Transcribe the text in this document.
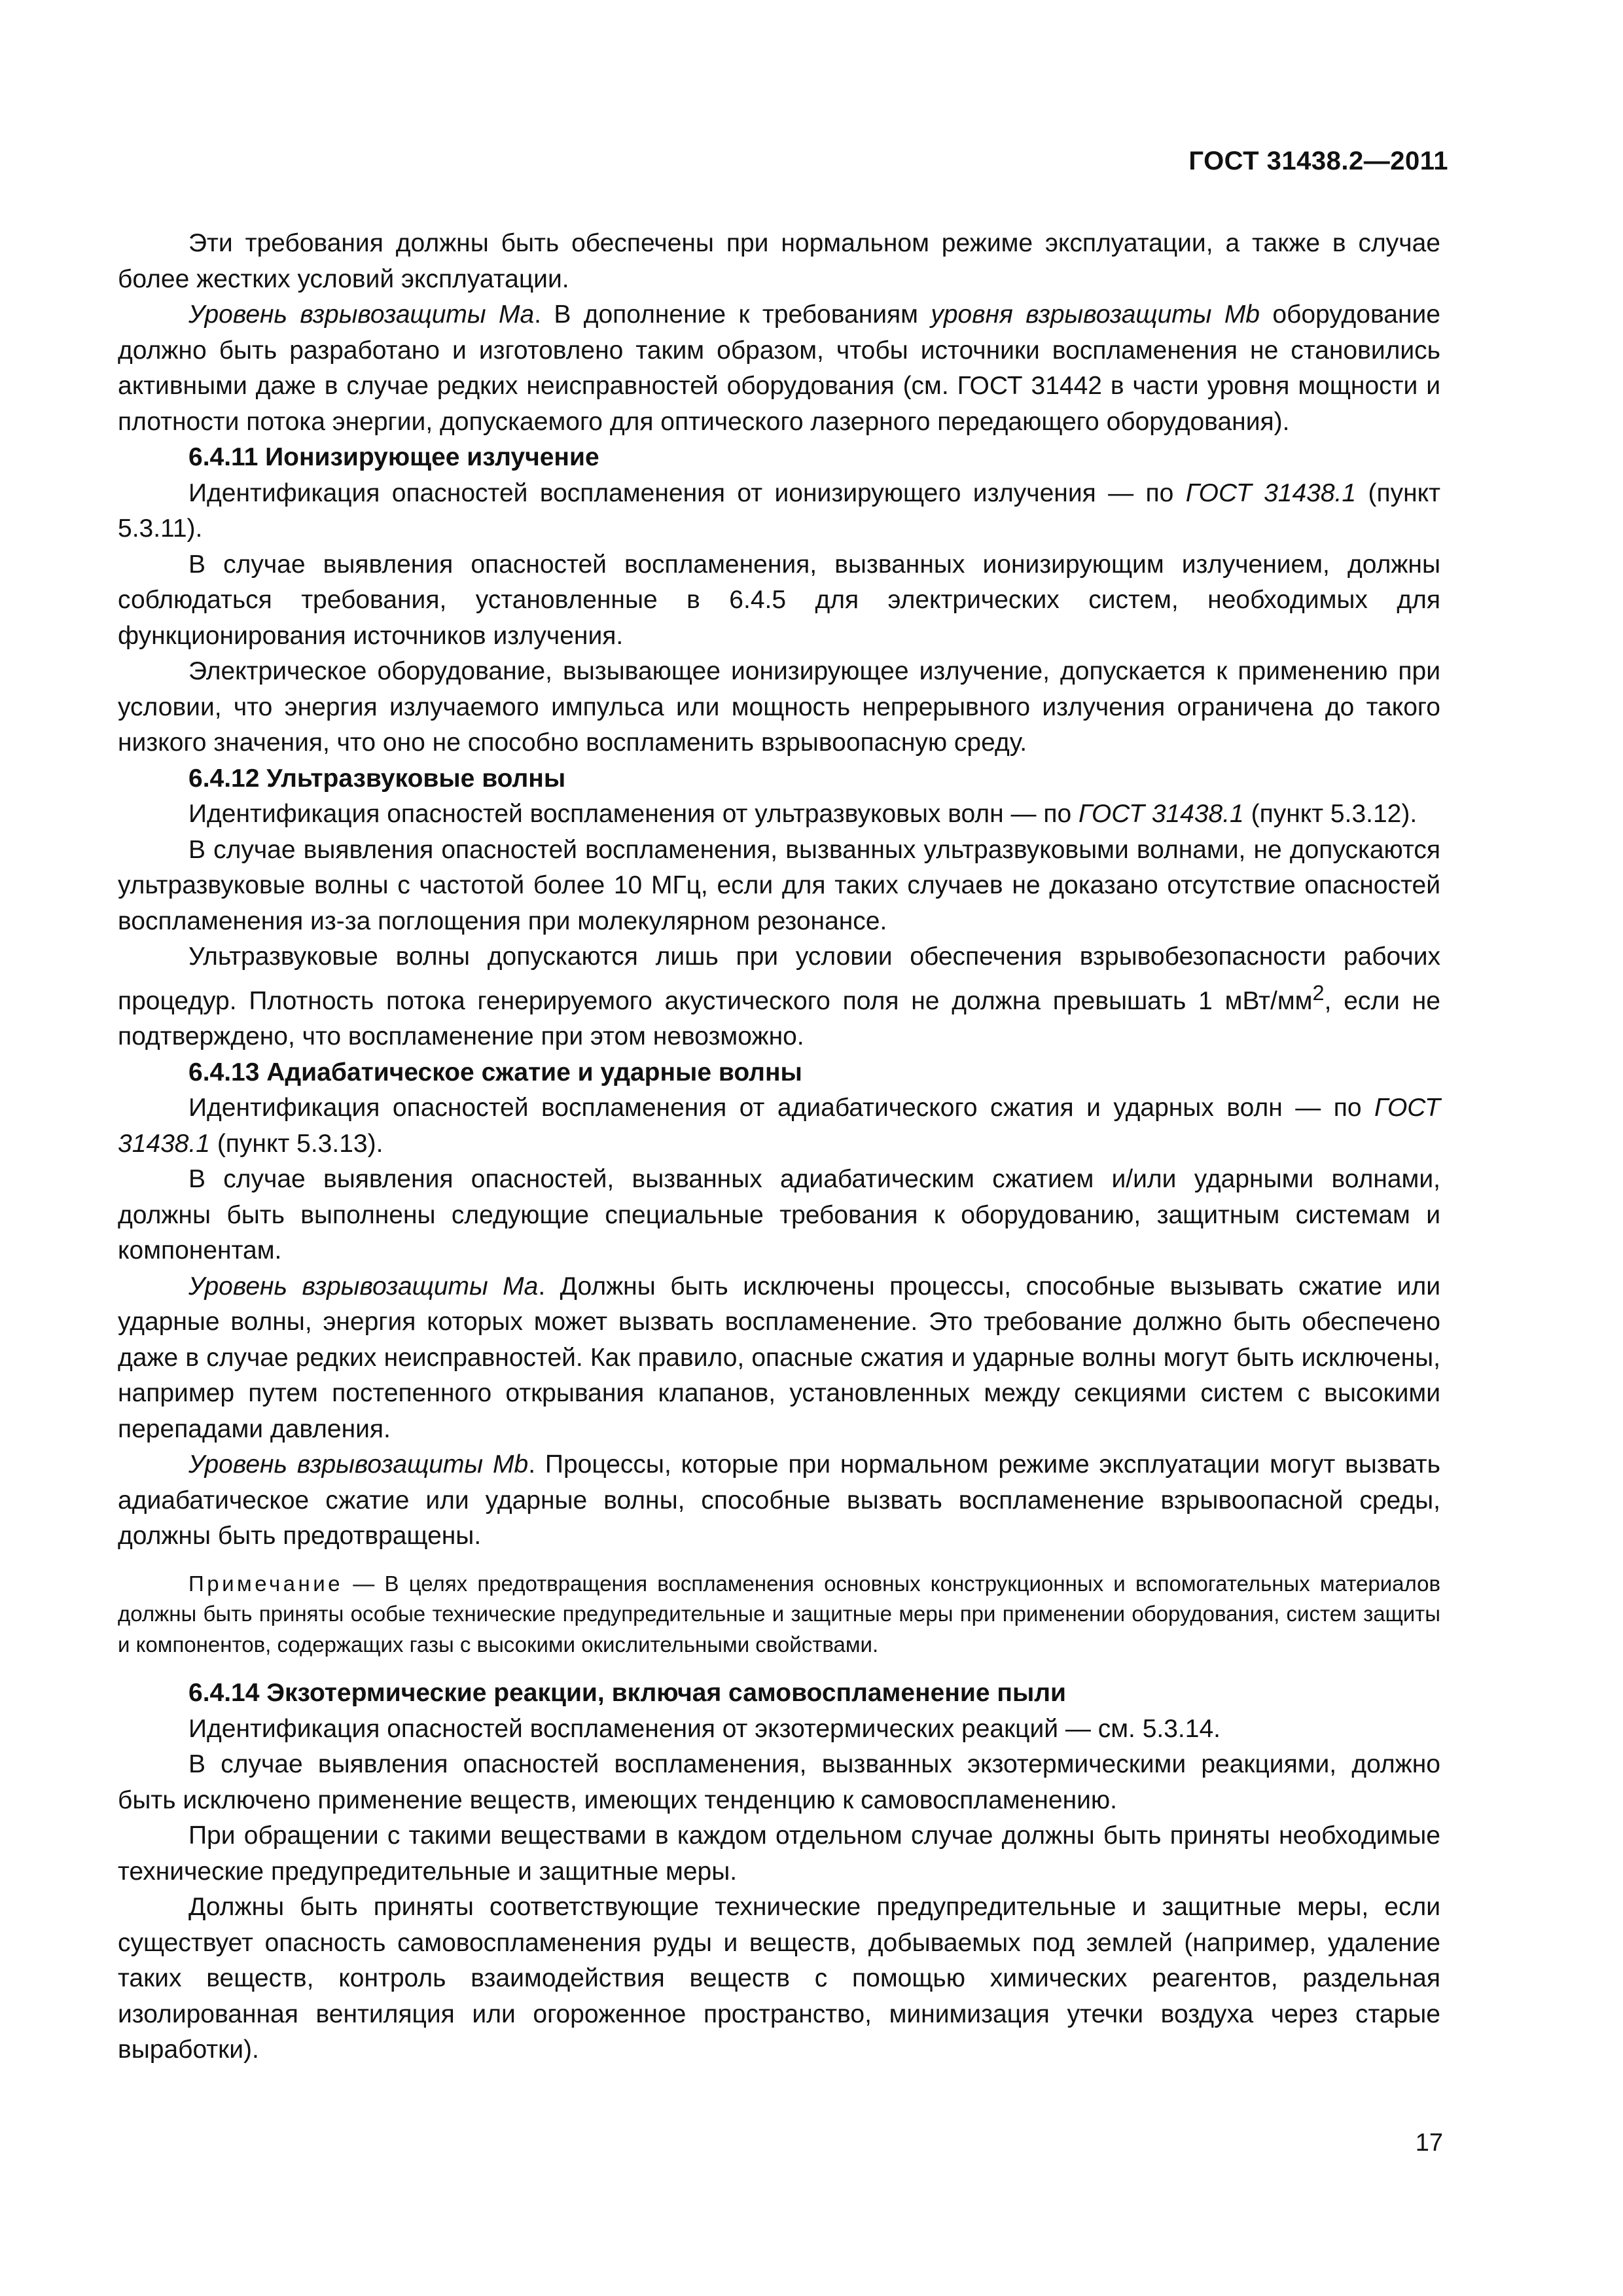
ГОСТ 31438.2—2011

Эти требования должны быть обеспечены при нормальном режиме эксплуатации, а также в случае более жестких условий эксплуатации.

Уровень взрывозащиты Ma. В дополнение к требованиям уровня взрывозащиты Mb оборудование должно быть разработано и изготовлено таким образом, чтобы источники воспламенения не становились активными даже в случае редких неисправностей оборудования (см. ГОСТ 31442 в части уровня мощности и плотности потока энергии, допускаемого для оптического лазерного передающего оборудования).

6.4.11 Ионизирующее излучение

Идентификация опасностей воспламенения от ионизирующего излучения — по ГОСТ 31438.1 (пункт 5.3.11).

В случае выявления опасностей воспламенения, вызванных ионизирующим излучением, должны соблюдаться требования, установленные в 6.4.5 для электрических систем, необходимых для функционирования источников излучения.

Электрическое оборудование, вызывающее ионизирующее излучение, допускается к применению при условии, что энергия излучаемого импульса или мощность непрерывного излучения ограничена до такого низкого значения, что оно не способно воспламенить взрывоопасную среду.

6.4.12 Ультразвуковые волны

Идентификация опасностей воспламенения от ультразвуковых волн — по ГОСТ 31438.1 (пункт 5.3.12).

В случае выявления опасностей воспламенения, вызванных ультразвуковыми волнами, не допускаются ультразвуковые волны с частотой более 10 МГц, если для таких случаев не доказано отсутствие опасностей воспламенения из-за поглощения при молекулярном резонансе.

Ультразвуковые волны допускаются лишь при условии обеспечения взрывобезопасности рабочих процедур. Плотность потока генерируемого акустического поля не должна превышать 1 мВт/$мм^2$, если не подтверждено, что воспламенение при этом невозможно.

6.4.13 Адиабатическое сжатие и ударные волны

Идентификация опасностей воспламенения от адиабатического сжатия и ударных волн — по ГОСТ 31438.1 (пункт 5.3.13).

В случае выявления опасностей, вызванных адиабатическим сжатием и/или ударными волнами, должны быть выполнены следующие специальные требования к оборудованию, защитным системам и компонентам.

Уровень взрывозащиты Ma. Должны быть исключены процессы, способные вызывать сжатие или ударные волны, энергия которых может вызвать воспламенение. Это требование должно быть обеспечено даже в случае редких неисправностей. Как правило, опасные сжатия и ударные волны могут быть исключены, например путем постепенного открывания клапанов, установленных между секциями систем с высокими перепадами давления.

Уровень взрывозащиты Mb. Процессы, которые при нормальном режиме эксплуатации могут вызвать адиабатическое сжатие или ударные волны, способные вызвать воспламенение взрывоопасной среды, должны быть предотвращены.

Примечание — В целях предотвращения воспламенения основных конструкционных и вспомогательных материалов должны быть приняты особые технические предупредительные и защитные меры при применении оборудования, систем защиты и компонентов, содержащих газы с высокими окислительными свойствами.

6.4.14 Экзотермические реакции, включая самовоспламенение пыли

Идентификация опасностей воспламенения от экзотермических реакций — см. 5.3.14.

В случае выявления опасностей воспламенения, вызванных экзотермическими реакциями, должно быть исключено применение веществ, имеющих тенденцию к самовоспламенению.

При обращении с такими веществами в каждом отдельном случае должны быть приняты необходимые технические предупредительные и защитные меры.

Должны быть приняты соответствующие технические предупредительные и защитные меры, если существует опасность самовоспламенения руды и веществ, добываемых под землей (например, удаление таких веществ, контроль взаимодействия веществ с помощью химических реагентов, раздельная изолированная вентиляция или огороженное пространство, минимизация утечки воздуха через старые выработки).

17
